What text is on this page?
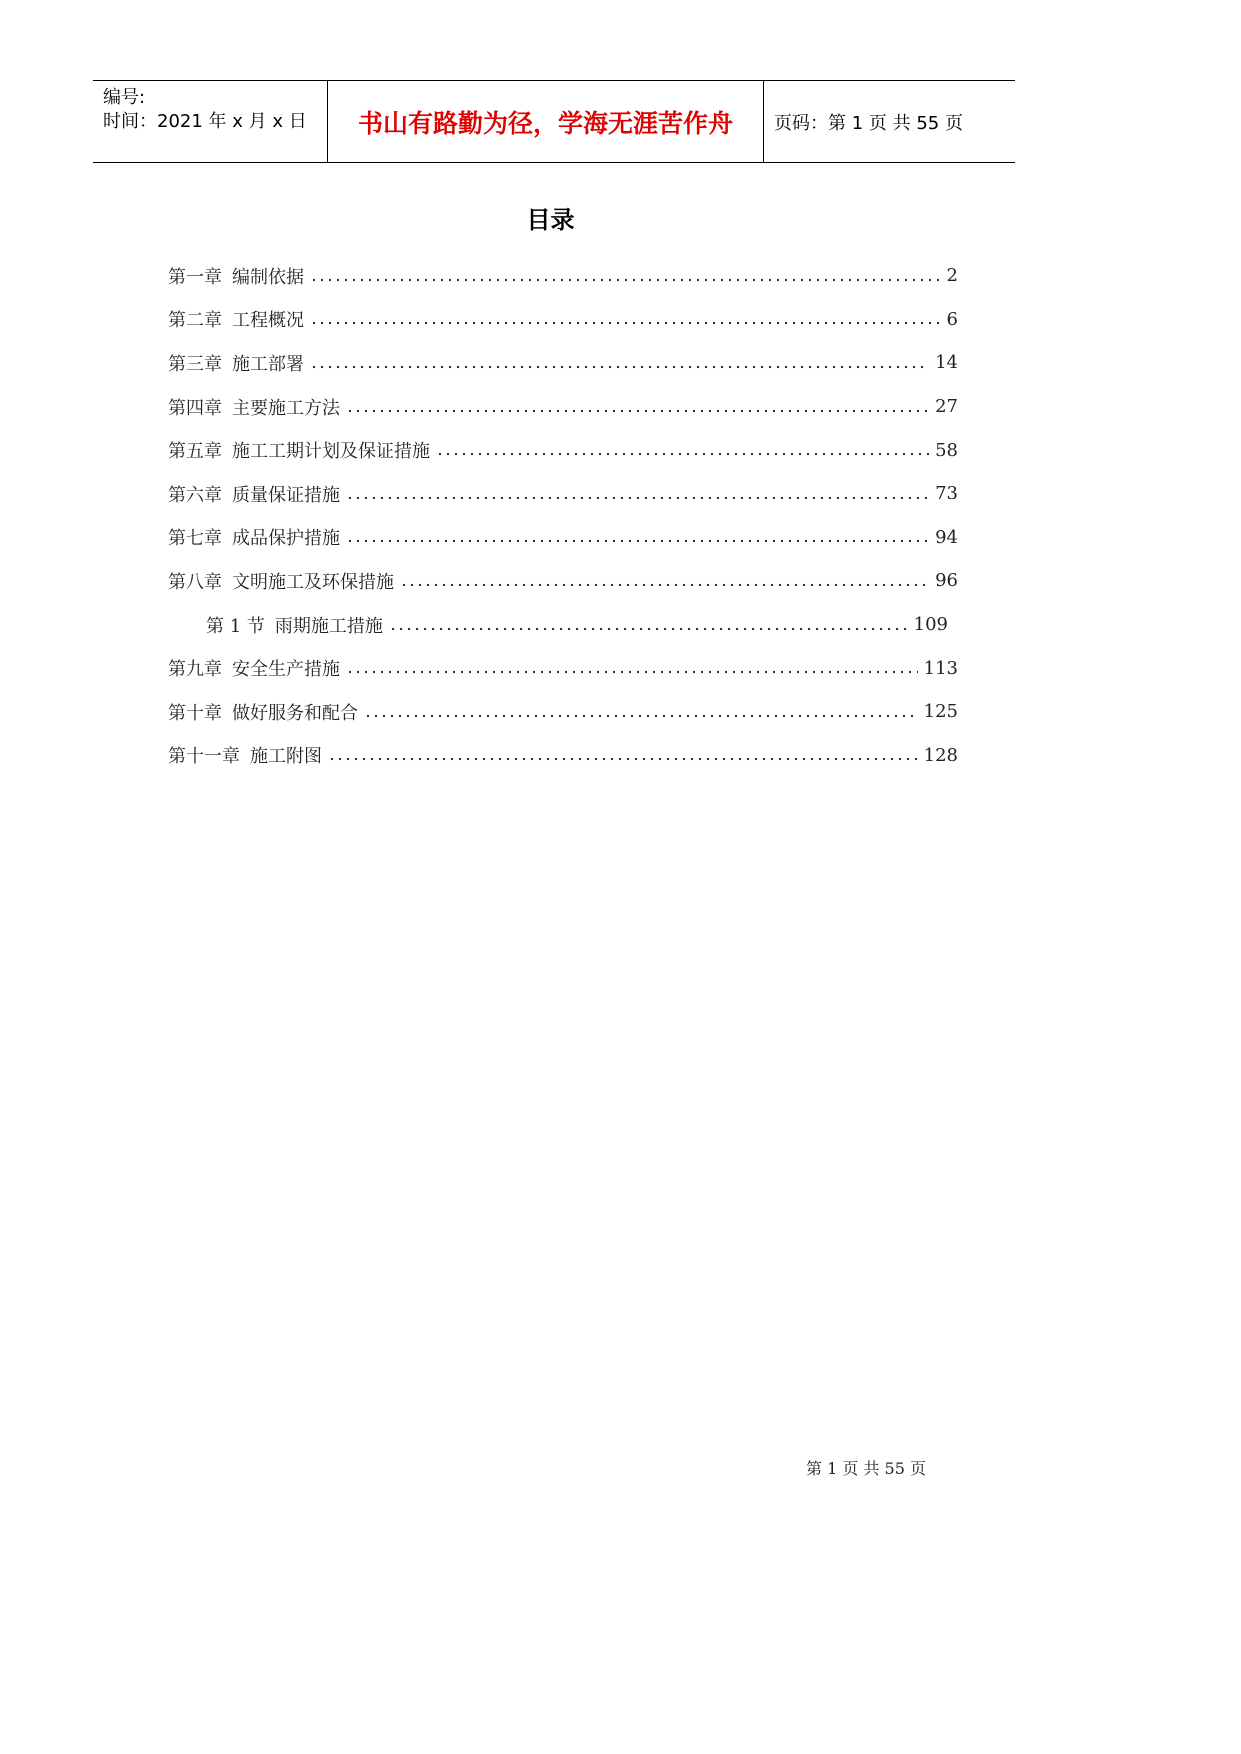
编号:
时间：2021 年 x 月 x 日 书山有路勤为径，学海无涯苦作舟 页码：第 1 页 共 55 页
目录
第一章 编制依据	2
第二章 工程概况	6
第三章 施工部署	14
第四章 主要施工方法	27
第五章 施工工期计划及保证措施	58
第六章 质量保证措施	73
第七章 成品保护措施	94
第八章 文明施工及环保措施	96
第 1 节 雨期施工措施	109
第九章 安全生产措施	113
第十章 做好服务和配合	125
第十一章 施工附图	128
第 1 页 共 55 页
